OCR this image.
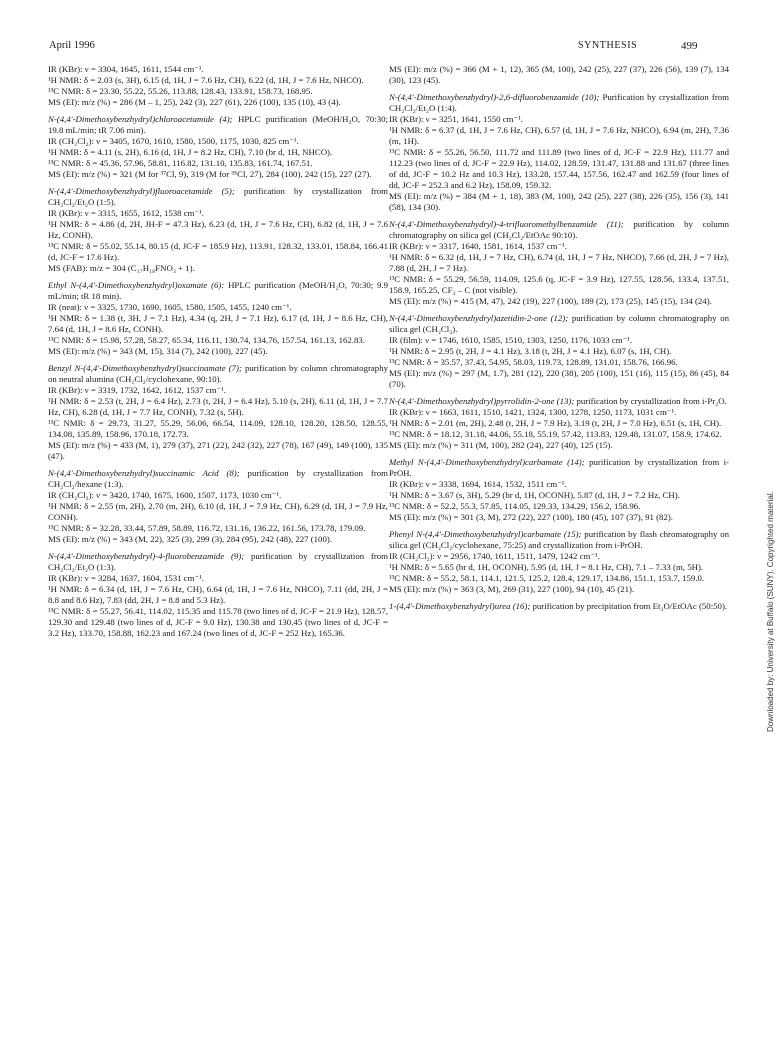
April 1996	SYNTHESIS	499

IR (KBr): ν = 3304, 1645, 1611, 1544 cm⁻¹.

¹H NMR: δ = 2.03 (s, 3H), 6.15 (d, 1H, J = 7.6 Hz, CH), 6.22 (d, 1H, J = 7.6 Hz, NHCO).

¹³C NMR: δ = 23.30, 55.22, 55.26, 113.88, 128.43, 133.91, 158.73, 168.95.

MS (EI): m/z (%) = 286 (M – 1, 25), 242 (3), 227 (61), 226 (100), 135 (10), 43 (4).

N-(4,4'-Dimethoxybenzhydryl)chloroacetamide (4); HPLC purification (MeOH/H₂O, 70:30; 19.8 mL/min; tR 7.06 min).

IR (CH₂Cl₂): ν = 3405, 1670, 1610, 1580, 1500, 1175, 1030, 825 cm⁻¹.

¹H NMR: δ = 4.11 (s, 2H), 6.16 (d, 1H, J = 8.2 Hz, CH), 7.10 (br d, 1H, NHCO).

¹³C NMR: δ = 45.36, 57.96, 58.81, 116.82, 131.10, 135.83, 161.74, 167.51.

MS (EI): m/z (%) = 321 (M for ³⁷Cl, 9), 319 (M for ³⁵Cl, 27), 284 (100), 242 (15), 227 (27).

N-(4,4'-Dimethoxybenzhydryl)fluoroacetamide (5); purification by crystallization from CH₂Cl₂/Et₂O (1:5).

IR (KBr): ν = 3315, 1655, 1612, 1538 cm⁻¹.

¹H NMR: δ = 4.86 (d, 2H, JH-F = 47.3 Hz), 6.23 (d, 1H, J = 7.6 Hz, CH), 6.82 (d, 1H, J = 7.6 Hz, CONH).

¹³C NMR: δ = 55.02, 55.14, 80.15 (d, JC-F = 185.9 Hz), 113.91, 128.32, 133.01, 158.84, 166.41 (d, JC-F = 17.6 Hz).

MS (FAB): m/z = 304 (C₁₇H₁₈FNO₃ + 1).

Ethyl N-(4,4'-Dimethoxybenzhydryl)oxamate (6): HPLC purification (MeOH/H₂O, 70:30; 9.9 mL/min; tR 18 min).

IR (neat): ν = 3325, 1730, 1690, 1605, 1580, 1505, 1455, 1240 cm⁻¹.

¹H NMR: δ = 1.38 (t, 3H, J = 7.1 Hz), 4.34 (q, 2H, J = 7.1 Hz), 6.17 (d, 1H, J = 8.6 Hz, CH), 7.64 (d, 1H, J = 8.6 Hz, CONH).

¹³C NMR: δ = 15.98, 57.28, 58.27, 65.34, 116.11, 130.74, 134.76, 157.54, 161.13, 162.83.

MS (EI): m/z (%) = 343 (M, 15), 314 (7), 242 (100), 227 (45).

Benzyl N-(4,4'-Dimethoxybenzhydryl)succinamate (7); purification by column chromatography on neutral alumina (CH₂Cl₂/cyclohexane, 90:10).

IR (KBr): ν = 3319, 1732, 1642, 1612, 1537 cm⁻¹.

¹H NMR: δ = 2.53 (t, 2H, J = 6.4 Hz), 2.73 (t, 2H, J = 6.4 Hz), 5.10 (s, 2H), 6.11 (d, 1H, J = 7.7 Hz, CH), 6.28 (d, 1H, J = 7.7 Hz, CONH), 7.32 (s, 5H).

¹³C NMR: δ = 29.73, 31.27, 55.29, 56.06, 66.54, 114.09, 128.10, 128.20, 128.50, 128.55, 134.08, 135.89, 158.96, 170.18, 172.73.

MS (EI): m/z (%) = 433 (M, 1), 279 (37), 271 (22), 242 (32), 227 (78), 167 (49), 149 (100), 135 (47).

N-(4,4'-Dimethoxybenzhydryl)succinamic Acid (8); purification by crystallization from CH₂Cl₂/hexane (1:3).

IR (CH₂Cl₂): ν = 3420, 1740, 1675, 1600, 1507, 1173, 1030 cm⁻¹.

¹H NMR: δ = 2.55 (m, 2H), 2.70 (m, 2H), 6.10 (d, 1H, J = 7.9 Hz, CH), 6.29 (d, 1H, J = 7.9 Hz, CONH).

¹³C NMR: δ = 32.28, 33.44, 57.89, 58.89, 116.72, 131.16, 136.22, 161.56, 173.78, 179.09.

MS (EI): m/z (%) = 343 (M, 22), 325 (3), 299 (3), 284 (95), 242 (48), 227 (100).

N-(4,4'-Dimethoxybenzhydryl)-4-fluorobenzamide (9); purification by crystallization from CH₂Cl₂/Et₂O (1:3).

IR (KBr): ν = 3284, 1637, 1604, 1531 cm⁻¹.

¹H NMR: δ = 6.34 (d, 1H, J = 7.6 Hz, CH), 6.64 (d, 1H, J = 7.6 Hz, NHCO), 7.11 (dd, 2H, J = 8.8 and 8.6 Hz), 7.83 (dd, 2H, J = 8.8 and 5.3 Hz).

¹³C NMR: δ = 55.27, 56.41, 114.02, 115.35 and 115.78 (two lines of d, JC-F = 21.9 Hz), 128.57, 129.30 and 129.48 (two lines of d, JC-F = 9.0 Hz), 130.38 and 130.45 (two lines of d, JC-F = 3.2 Hz), 133.70, 158.88, 162.23 and 167.24 (two lines of d, JC-F = 252 Hz), 165.36.

MS (EI): m/z (%) = 366 (M + 1, 12), 365 (M, 100), 242 (25), 227 (37), 226 (56), 139 (7), 134 (30), 123 (45).

N-(4,4'-Dimethoxybenzhydryl)-2,6-difluorobenzamide (10); Purification by crystallization from CH₂Cl₂/Et₂O (1:4).

IR (KBr): ν = 3251, 1641, 1550 cm⁻¹.

¹H NMR: δ = 6.37 (d, 1H, J = 7.6 Hz, CH), 6.57 (d, 1H, J = 7.6 Hz, NHCO), 6.94 (m, 2H), 7.36 (m, 1H).

¹³C NMR: δ = 55.26, 56.50, 111.72 and 111.89 (two lines of d, JC-F = 22.9 Hz), 111.77 and 112.23 (two lines of d, JC-F = 22.9 Hz), 114.02, 128.59, 131.47, 131.88 and 131.67 (three lines of dd, JC-F = 10.2 Hz and 10.3 Hz), 133.28, 157.44, 157.56, 162.47 and 162.59 (four lines of dd, JC-F = 252.3 and 6.2 Hz), 158.09, 159.32.

MS (EI): m/z (%) = 384 (M + 1, 18), 383 (M, 100), 242 (25), 227 (38), 226 (35), 156 (3), 141 (58), 134 (30).

N-(4,4'-Dimethoxybenzhydryl)-4-trifluoromethylbenzamide (11); purification by column chromatography on silica gel (CH₂Cl₂/EtOAc 90:10).

IR (KBr): ν = 3317, 1640, 1581, 1614, 1537 cm⁻¹.

¹H NMR: δ = 6.32 (d, 1H, J = 7 Hz, CH), 6.74 (d, 1H, J = 7 Hz, NHCO), 7.66 (d, 2H, J = 7 Hz), 7.88 (d, 2H, J = 7 Hz).

¹³C NMR: δ = 55.29, 56.59, 114.09, 125.6 (q, JC-F = 3.9 Hz), 127.55, 128.56, 133.4, 137.51, 158.9, 165.25, CF₃ – C (not visible).

MS (EI): m/z (%) = 415 (M, 47), 242 (19), 227 (100), 189 (2), 173 (25), 145 (15), 134 (24).

N-(4,4'-Dimethoxybenzhydryl)azetidin-2-one (12); purification by column chromatography on silica gel (CH₂Cl₂).

IR (film): ν = 1746, 1610, 1585, 1510, 1303, 1250, 1176, 1033 cm⁻¹.

¹H NMR: δ = 2.95 (t, 2H, J = 4.1 Hz), 3.18 (t, 2H, J = 4.1 Hz), 6.07 (s, 1H, CH).

¹³C NMR: δ = 35.57, 37.43, 54.95, 58.03, 119.73, 128.89, 131.01, 158.76, 166.96.

MS (EI): m/z (%) = 297 (M, 1.7), 281 (12), 220 (38), 205 (100), 151 (16), 115 (15), 86 (45), 84 (70).

N-(4,4'-Dimethoxybenzhydryl)pyrrolidin-2-one (13); purification by crystallization from i-Pr₂O.

IR (KBr): ν = 1663, 1611, 1510, 1421, 1324, 1300, 1278, 1250, 1173, 1031 cm⁻¹.

¹H NMR: δ = 2.01 (m, 2H), 2.48 (t, 2H, J = 7.9 Hz), 3.19 (t, 2H, J = 7.0 Hz), 6.51 (s, 1H, CH).

¹³C NMR: δ = 18.12, 31.18, 44.06, 55.18, 55.19, 57.42, 113.83, 129.48, 131.07, 158.9, 174.62.

MS (EI): m/z (%) = 311 (M, 100), 282 (24), 227 (40), 125 (15).

Methyl N-(4,4'-Dimethoxybenzhydryl)carbamate (14); purification by crystallization from i-PrOH.

IR (KBr): ν = 3338, 1694, 1614, 1532, 1511 cm⁻¹.

¹H NMR: δ = 3.67 (s, 3H), 5.29 (br d, 1H, OCONH), 5.87 (d, 1H, J = 7.2 Hz, CH).

¹³C NMR: δ = 52.2, 55.3, 57.85, 114.05, 129.33, 134.29, 156.2, 158.96.

MS (EI): m/z (%) = 301 (3, M), 272 (22), 227 (100), 180 (45), 107 (37), 91 (82).

Phenyl N-(4,4'-Dimethoxybenzhydryl)carbamate (15); purification by flash chromatography on silica gel (CH₂Cl₂/cyclohexane, 75:25) and crystallization from i-PrOH.

IR (CH₂Cl₂): ν = 2956, 1740, 1611, 1511, 1479, 1242 cm⁻¹.

¹H NMR: δ = 5.65 (br d, 1H, OCONH), 5.95 (d, 1H, J = 8.1 Hz, CH), 7.1 – 7.33 (m, 5H).

¹³C NMR: δ = 55.2, 58.1, 114.1, 121.5, 125.2, 128.4, 129.17, 134.86, 151.1, 153.7, 159.0.

MS (EI): m/z (%) = 363 (3, M), 269 (31), 227 (100), 94 (10), 45 (21).

1-(4,4'-Dimethoxybenzhydryl)urea (16); purification by precipitation from Et₂O/EtOAc (50:50).	Downloaded by: University at Buffalo (SUNY). Copyrighted material.
